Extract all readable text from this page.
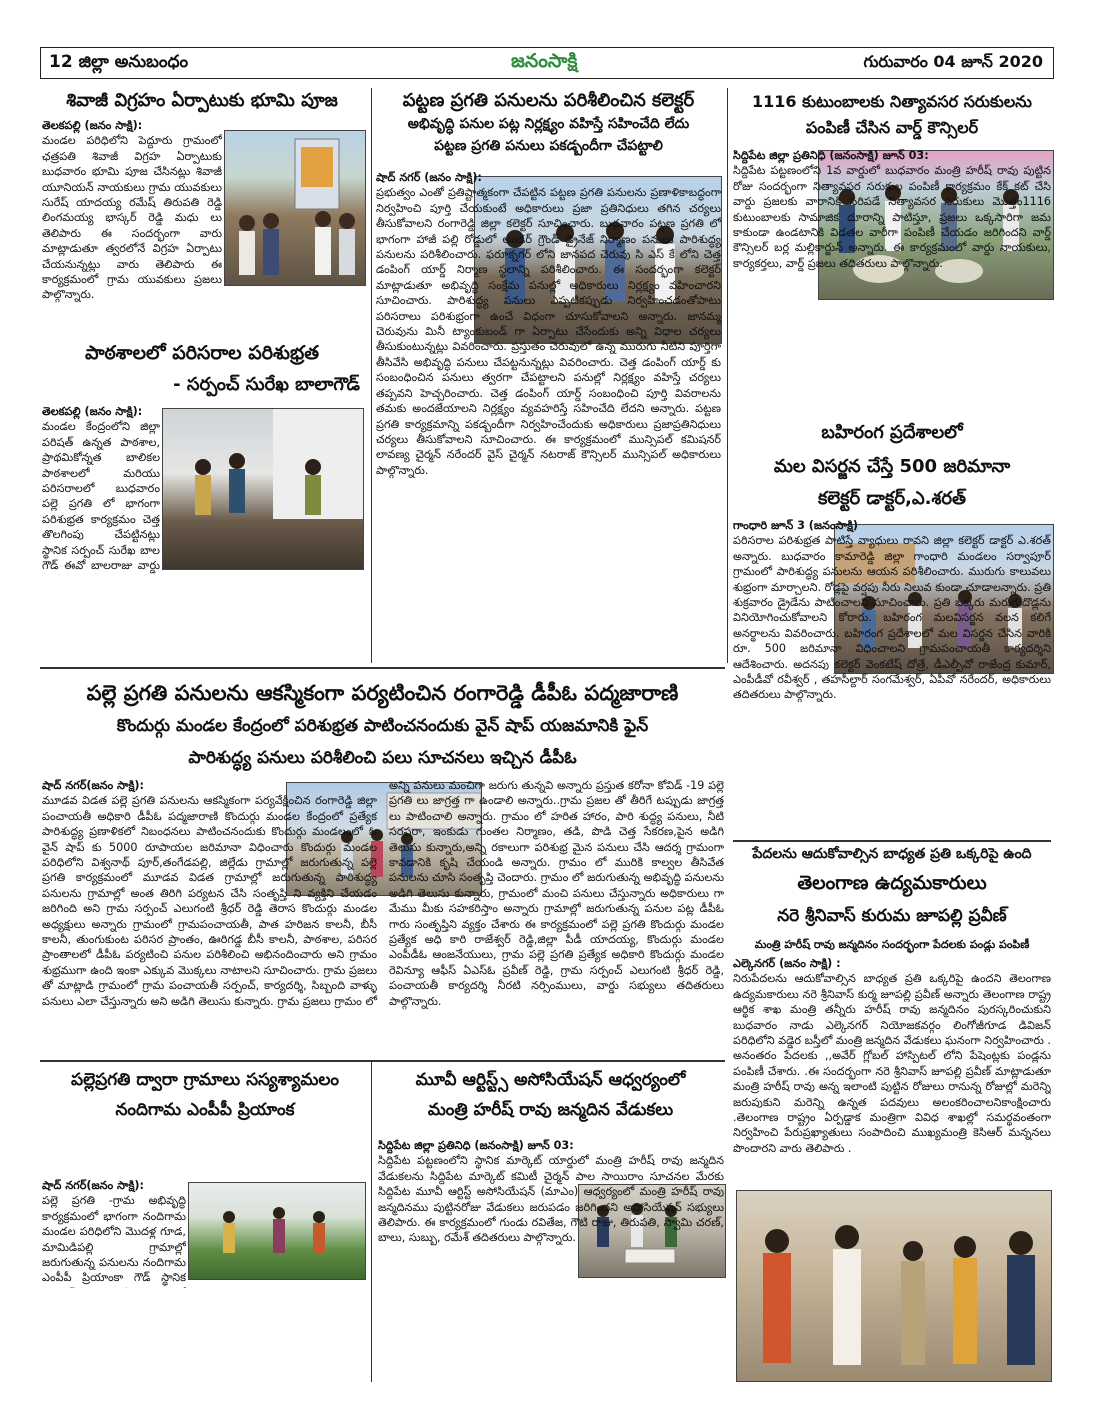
12 జిల్లా అనుబంధం	జనంసాక్షి	గురువారం 04 జూన్ 2020
శివాజీ విగ్రహం ఏర్పాటుకు భూమి పూజ

తెలకపల్లి (జనం సాక్షి):

మండల పరిధిలోని పెద్దూరు గ్రామంలో ఛత్రపతి శివాజీ విగ్రహ ఏర్పాటుకు బుధవారం భూమి పూజ చేసినట్లు శివాజీ యూనియన్ నాయకులు గ్రామ యువకులు సురేష్ యాదయ్య రమేష్ తిరుపతి రెడ్డి లింగమయ్య భాస్కర్ రెడ్డి మధు లు తెలిపారు ఈ సందర్భంగా వారు మాట్లాడుతూ త్వరలోనే విగ్రహ ఏర్పాటు చేయనున్నట్లు వారు తెలిపారు ఈ కార్యక్రమంలో గ్రామ యువకులు ప్రజలు పాల్గొన్నారు.

పాఠశాలలో పరిసరాల పరిశుభ్రత
- సర్పంచ్ సురేఖ బాలాగౌడ్

తెలకపల్లి (జనం సాక్షి):

మండల కేంద్రంలోని జిల్లా పరిషత్ ఉన్నత పాఠశాల, ప్రాథమికోన్నత బాలికల పాఠశాలలో మరియు పరిసరాలలో బుధవారం పల్లె ప్రగతి లో భాగంగా పరిశుభ్రత కార్యక్రమం చెత్త తొలగింపు చేపట్టినట్లు స్థానిక సర్పంచ్ సురేఖ బాల గౌడ్ ఈవో బాలరాజు వార్డు

పట్టణ ప్రగతి పనులను పరిశీలించిన కలెక్టర్
అభివృద్ధి పనుల పట్ల నిర్లక్ష్యం వహిస్తే సహించేది లేదు
పట్టణ ప్రగతి పనులు పకడ్బందీగా చేపట్టాలి

షాద్ నగర్ (జనం సాక్షి):

ప్రభుత్వం ఎంతో ప్రతిష్టాత్మకంగా చేపట్టిన పట్టణ ప్రగతి పనులను ప్రణాళికాబద్ధంగా నిర్వహించి పూర్తి చేయకుంటే అధికారులు ప్రజా ప్రతినిధులు తగిన చర్యలు తీసుకోవాలని రంగారెడ్డి జిల్లా కలెక్టర్ సూచించారు. బుధవారం పట్టణ ప్రగతి లో భాగంగా హాజీ పల్లి రోడ్డులో అండర్ గ్రౌండ్ డ్రైనేజ్ నిర్మాణం పనులు పారిశుద్ధ్య పనులను పరిశీలించారు. ఫరూక్నగర్ లోని జానపద చెరువు సి ఎస్ కే లోని చెత్త డంపింగ్ యార్డ్ నిర్మాణ స్థలాన్ని పరిశీలించారు. ఈ సందర్భంగా కలెక్టర్ మాట్లాడుతూ అభివృద్ధి సంక్షేమ పనుల్లో అధికారులు నిర్లక్ష్యం వహించారని సూచించారు. పారిశుద్ధ్య పనులు ఎప్పటికప్పుడు నిర్వహించడంతోపాటు పరిసరాలు పరిశుభ్రంగా ఉంచే విధంగా చూసుకోవాలని అన్నారు. జానమ్మ చెరువును మినీ ట్యాంకుబండ్ గా ఏర్పాటు చేసేందుకు అన్ని విధాల చర్యలు తీసుకుంటున్నట్లు వివరించారు. ప్రస్తుతం చెరువులో ఉన్న మురుగు నీటిని పూర్తిగా తీసివేసి అభివృద్ధి పనులు చేపట్టనున్నట్లు వివరించారు. చెత్త డంపింగ్ యార్డ్ కు సంబంధించిన పనులు త్వరగా చేపట్టాలని పనుల్లో నిర్లక్ష్యం వహిస్తే చర్యలు తప్పవని హెచ్చరించారు. చెత్త డంపింగ్ యార్డ్ సంబంధించి పూర్తి వివరాలను తమకు అందజేయాలని నిర్లక్ష్యం వ్యవహరిస్తే సహించేది లేదని అన్నారు. పట్టణ ప్రగతి కార్యక్రమాన్ని పకడ్బందీగా నిర్వహించేందుకు అధికారులు ప్రజాప్రతినిధులు చర్యలు తీసుకోవాలని సూచించారు. ఈ కార్యక్రమంలో మున్సిపల్ కమిషనర్ లావణ్య చైర్మన్ నరేందర్ వైస్ చైర్మన్ నటరాజ్ కౌన్సిలర్ మున్సిపల్ అధికారులు పాల్గొన్నారు.

1116 కుటుంబాలకు నిత్యావసర సరుకులను
పంపిణీ చేసిన వార్డ్ కౌన్సిలర్

సిద్దిపేట జిల్లా ప్రతినిధి (జనంసాక్షి) జూన్ 03:

సిద్దిపేట పట్టణంలోని 1వ వార్డులో బుధవారం మంత్రి హరీష్ రావు పుట్టిన రోజు సందర్భంగా నిత్యావసర సరుకుల పంపిణీ కార్యక్రమం కేక్ కట్ చేసి వార్డు ప్రజలకు వారానికి సరిపడే నిత్యావసర సరుకులు మొత్తం1116 కుటుంబాలకు సామాజిక దూరాన్ని పాటిస్తూ, ప్రజలు ఒక్కసారిగా జమ కాకుండా ఉండటానికి విడతల వారీగా పంపిణీ చేయడం జరిగిందని వార్డ్ కౌన్సిలర్ బర్ల మల్లికార్జున్ అన్నారు. ఈ కార్యక్రమంలో వార్డు నాయకులు, కార్యకర్తలు, వార్డ్ ప్రజలు తదితరులు పాల్గొన్నారు.

బహిరంగ ప్రదేశాలలో
మల విసర్జన చేస్తే 500 జరిమానా
కలెక్టర్ డాక్టర్,ఎ.శరత్

గాంధారి జూన్ 3 (జనంసాక్షి)

పరిసరాల పరిశుభ్రత పాటిస్తే వ్యాధులు రావని జిల్లా కలెక్టర్ డాక్టర్ ఎ.శరత్ అన్నారు. బుధవారం కామారెడ్డి జిల్లా గాంధారి మండలం సర్వాపూర్ గ్రామంలో పారిశుద్ధ్య పనులను ఆయన పరిశీలించారు. మురుగు కాలువలు శుభ్రంగా మార్చాలని. రోడ్లపై వర్షపు నీరు నిలువ కుండా చూడాలన్నారు. ప్రతి శుక్రవారం డ్రైడేను పాటించాలని సూచించారు. ప్రతి ఒక్కరు మరుగుదొడ్లను వినియోగించుకోవాలని కోరారు. బహిరంగ మలవిసర్జన వలన కలిగే అనర్థాలను వివరించారు. బహిరంగ ప్రదేశాలలో మల విసర్జన చేసిన వారికి రూ. 500 జరిమానా విధించాలని గ్రామపంచాయతీ కార్యదర్శిని ఆదేశించారు. అదనపు కలెక్టర్ వెంకటేష్ దోత్రే, డీఎల్పీవో రాజేంద్ర కుమార్, ఎంపీడీవో రవీశ్వర్ , తహసీల్దార్ సంగమేశ్వర్, ఏపీవో నరేందర్, అధికారులు తదితరులు పాల్గొన్నారు.

పల్లె ప్రగతి పనులను ఆకస్మికంగా పర్యటించిన రంగారెడ్డి డీపీఓ పద్మజారాణి
కొందుర్గు మండల కేంద్రంలో పరిశుభ్రత పాటించనందుకు వైన్ షాప్ యజమానికి ఫైన్
పారిశుద్ధ్య పనులు పరిశీలించి పలు సూచనలు ఇచ్చిన డీపీఓ

షాద్ నగర్(జనం సాక్షి):

మూడవ విడత పల్లె ప్రగతి పనులను ఆకస్మికంగా పర్యవేక్షించిన రంగారెడ్డి జిల్లా పంచాయతీ అధికారి డీపీఓ పద్మజారాణి కొందుర్గు మండల కేంద్రంలో ప్రత్యేక పారిశుద్ధ్య ప్రణాళికలో నిబంధనలు పాటించనందుకు కొందుర్గు మండలంలో ఓ వైన్ షాప్ కు 5000 రూపాయల జరిమానా విధించారు కొందుర్గు మండల పరిధిలోని విశ్వనాథ్ పూర్,తంగేడపల్లి, జిల్లేడు గ్రామాల్లో జరుగుతున్న పల్లె ప్రగతి కార్యక్రమంలో మూడవ విడత గ్రామాల్లో జరుగుతున్న పారిశుద్ధ్య పనులను గ్రామాల్లో అంత తిరిగి పర్యటన చేసి సంతృప్తి ని వ్యక్తిని చేయడం జరిగింది అని గ్రామ సర్పంచ్ ఎలుగంటి శ్రీధర్ రెడ్డి తెరాస కొందుర్గు మండల అధ్యక్షులు అన్నారు గ్రామంలో గ్రామపంచాయతీ, పాత హరిజన కాలనీ, బీసీ కాలనీ, తుంగుకుంట పరిసర ప్రాంతం, ఊరిగడ్డ బీసీ కాలనీ, పాఠశాల, పరిసర ప్రాంతాలలో డీపీఓ పర్యటించి పనుల పరిశీలించి అభినందించారు అని గ్రామం శుభ్రముగా ఉంది ఇంకా ఎక్కువ మొక్కలు నాటాలని సూచించారు. గ్రామ ప్రజలు తో మాట్లాడి గ్రామంలో గ్రామ పంచాయతీ సర్పంచ్, కార్యదర్శి, సిబ్బంది వాళ్ళు పనులు ఎలా చేస్తున్నారు అని అడిగి తెలుసు కున్నారు. గ్రామ ప్రజలు గ్రామం లో అన్ని పనులు మంచిగా జరుగు తున్నవి అన్నారు ప్రస్తుత కరోనా కోవిడ్ -19 పల్లె ప్రగతి లు జాగ్రత్త గా ఉండాలి అన్నారు..గ్రామ ప్రజల తో తీరిగే టప్పుడు జాగ్రత్త లు పాటించాలి అన్నారు. గ్రామం లో హరిత హారం, పారి శుద్ధ్య పనులు, నీటి సరఫరా, ఇంకుడు గుంతల నిర్మాణం, తడి, పొడి చెత్త సేకరణ,పైన అడిగి తెలుసు కున్నారు,అన్ని రకాలుగా పరిశుభ్ర మైన పనులు చేసి ఆదర్శ గ్రామంగా కావడానికి కృషి చేయండి అన్నారు. గ్రామం లో మురికి కాల్వల తీసివేత పనులను చూసి సంతృప్తి చెందారు. గ్రామం లో జరుగుతున్న అభివృద్ధి పనులను అడిగి తెలుసు కున్నారు, గ్రామంలో మంచి పనులు చేస్తున్నారు అధికారులు గా మేము మీకు సహకరిస్తాం అన్నారు గ్రామాల్లో జరుగుతున్న పనుల పట్ల డీపీఓ గారు సంతృప్తిని వ్యక్తం చేశారు ఈ కార్యక్రమంలో పల్లె ప్రగతి కొందుర్గు మండల ప్రత్యేక అధి కారి రాజేశ్వర్ రెడ్డి,జిల్లా పీడీ యాదయ్య, కొందుర్గు మండల ఎంపీడీఓ ఆంజనేయులు, గ్రామ పల్లె ప్రగతి ప్రత్యేక అధికారి కొందుర్గు మండల రెవిన్యూ ఆఫీస్ ఏఎస్ఓ ప్రవీణ్ రెడ్డి, గ్రామ సర్పంచ్ ఎలుగంటి శ్రీధర్ రెడ్డి, పంచాయతీ కార్యదర్శి నీరటి నర్సింములు, వార్డు సభ్యులు తదితరులు పాల్గొన్నారు.

పేదలను ఆదుకోవాల్సిన బాధ్యత ప్రతి ఒక్కరిపై ఉంది
తెలంగాణ ఉద్యమకారులు
నరె శ్రీనివాస్ కురుమ జూపల్లి ప్రవీణ్
మంత్రి హరీష్ రావు జన్మదినం సందర్భంగా పేదలకు పండ్లు పంపిణీ

ఎల్కెనగర్ (జనం సాక్షి) :

నిరుపేదలను ఆదుకోవాల్సిన బాధ్యత ప్రతి ఒక్కరిపై ఉందని తెలంగాణ ఉద్యమకారులు నరె శ్రీనివాస్ కుర్మ జూపల్లి ప్రవీణ్ అన్నారు తెలంగాణ రాష్ట్ర ఆర్థిక శాఖ మంత్రి తన్నీరు హరీష్ రావు జన్మదినం పురస్కరించుకుని బుధవారం నాడు ఎల్కెనగర్ నియోజకవర్గం లింగోజీగూడ డివిజన్ పరిధిలోని వడ్డెర బస్తీలో మంత్రి జన్మదిన వేడుకలు ఘనంగా నిర్వహించారు . అనంతరం పేదలకు ,,అవేర్ గ్లోబల్ హాస్పిటల్ లోని పేషెంట్లకు పండ్లను పంపిణీ చేశారు. .ఈ సందర్భంగా నరె శ్రీనివాస్ జూపల్లి ప్రవీణ్ మాట్లాడుతూ మంత్రి హరీష్ రావు అన్న ఇలాంటి పుట్టిన రోజులు రానున్న రోజుల్లో మరెన్ని జరుపుకుని మరెన్ని ఉన్నత పదవులు అలంకరించాలనికాంక్షించారు .తెలంగాణ రాష్ట్రం ఏర్పడ్డాక మంత్రిగా వివిధ శాఖల్లో సమర్థవంతంగా నిర్వహించి పేరుప్రఖ్యాతులు సంపాదించి ముఖ్యమంత్రి కెసిఆర్ మన్ననలు పొందారని వారు తెలిపారు .

పల్లెప్రగతి ద్వారా గ్రామాలు సస్యశ్యామలం
నందిగామ ఎంపీపీ ప్రియాంక

షాద్ నగర్(జనం సాక్షి):

పల్లె ప్రగతి -గ్రామ అభివృద్ధి కార్యక్రమంలో భాగంగా నందిగామ మండల పరిధిలోని మొదళ్ల గూడ, మామిడిపల్లి గ్రామాల్లో జరుగుతున్న పనులను నందిగామ ఎంపీపీ ప్రియాంకా గౌడ్ స్థానిక

మూవీ ఆర్టిస్ట్స్ అసోసియేషన్ ఆధ్వర్యంలో
మంత్రి హరీష్ రావు జన్మదిన వేడుకలు

సిద్దిపేట జిల్లా ప్రతినిధి (జనంసాక్షి) జూన్ 03:

సిద్దిపేట పట్టణంలోని స్థానిక మార్కెట్ యార్డులో మంత్రి హరీష్ రావు జన్మదిన వేడుకలను సిద్దిపేట మార్కెట్ కమిటీ చైర్మన్ పాల సాయిరాం సూచనల మేరకు సిద్దిపేట మూవీ ఆర్టిస్ట్ అసోసియేషన్ (మాఎం) ఆధ్వర్యంలో మంత్రి హరీష్ రావు జన్మదినము పుట్టినరోజు వేడుకలు జరుపడం జరిగిందని అసోసియేషన్ సభ్యులు తెలిపారు. ఈ కార్యక్రమంలో గుండు రవితేజ, గౌటి రాజు, తిరుపతి, స్వామి చరణ్, బాలు, సుబ్బు, రమేశ్ తదితరులు పాల్గొన్నారు.
